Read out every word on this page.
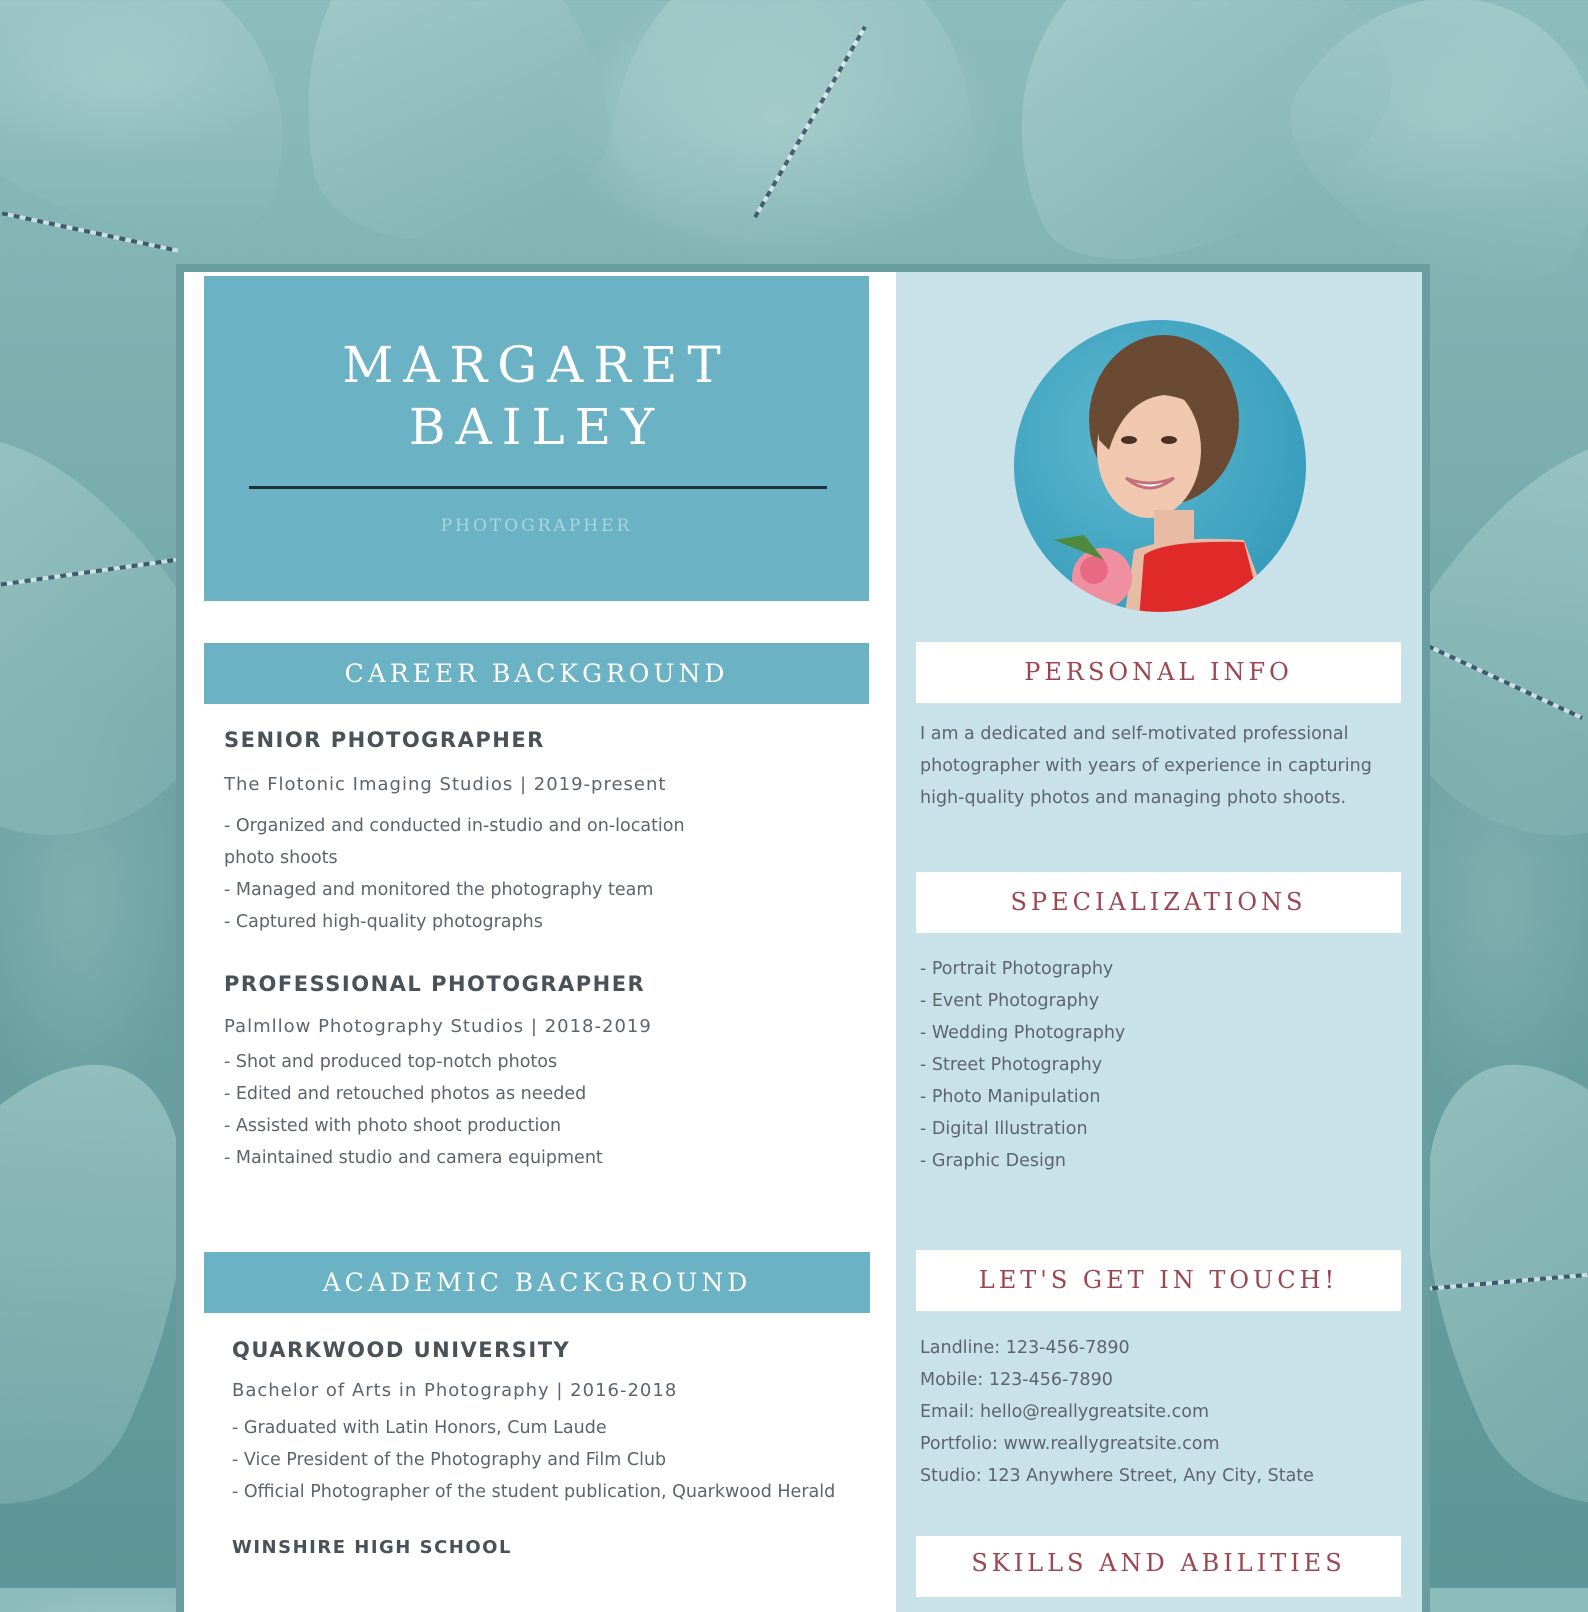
MARGARET
BAILEY
PHOTOGRAPHER
CAREER BACKGROUND
SENIOR PHOTOGRAPHER
The Flotonic Imaging Studios | 2019-present
- Organized and conducted in-studio and on-location
photo shoots
- Managed and monitored the photography team
- Captured high-quality photographs
PROFESSIONAL PHOTOGRAPHER
Palmllow Photography Studios | 2018-2019
- Shot and produced top-notch photos
- Edited and retouched photos as needed
- Assisted with photo shoot production
- Maintained studio and camera equipment
ACADEMIC BACKGROUND
QUARKWOOD UNIVERSITY
Bachelor of Arts in Photography | 2016-2018
- Graduated with Latin Honors, Cum Laude
- Vice President of the Photography and Film Club
- Official Photographer of the student publication, Quarkwood Herald
WINSHIRE HIGH SCHOOL
PERSONAL INFO
I am a dedicated and self-motivated professional
photographer with years of experience in capturing
high-quality photos and managing photo shoots.
SPECIALIZATIONS
- Portrait Photography
- Event Photography
- Wedding Photography
- Street Photography
- Photo Manipulation
- Digital Illustration
- Graphic Design
LET'S GET IN TOUCH!
Landline: 123-456-7890
Mobile: 123-456-7890
Email: hello@reallygreatsite.com
Portfolio: www.reallygreatsite.com
Studio: 123 Anywhere Street, Any City, State
SKILLS AND ABILITIES
